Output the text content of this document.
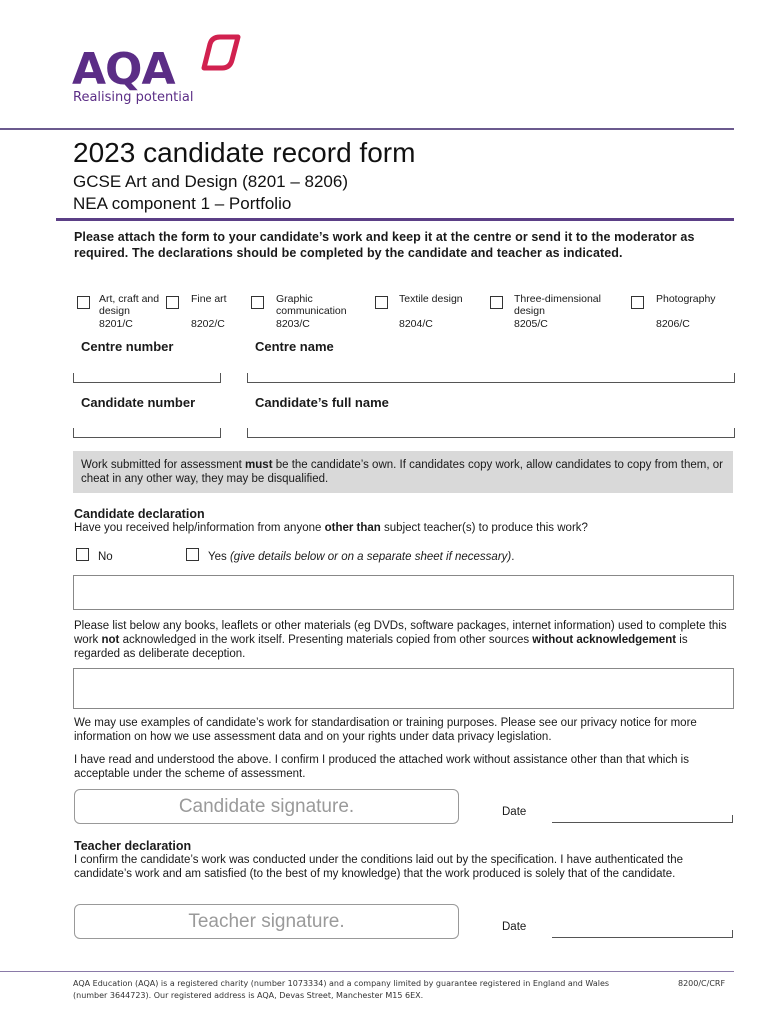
AQA
Realising potential
2023 candidate record form
GCSE Art and Design (8201 – 8206)
NEA component 1 – Portfolio
Please attach the form to your candidate’s work and keep it at the centre or send it to the moderator as required. The declarations should be completed by the candidate and teacher as indicated.
Art, craft and design
8201/C
Fine art
8202/C
Graphic communication
8203/C
Textile design
8204/C
Three-dimensional design
8205/C
Photography
8206/C
Centre number	Centre name
Candidate number	Candidate’s full name
Work submitted for assessment must be the candidate’s own. If candidates copy work, allow candidates to copy from them, or cheat in any other way, they may be disqualified.
Candidate declaration
Have you received help/information from anyone other than subject teacher(s) to produce this work?
No	Yes (give details below or on a separate sheet if necessary).
Please list below any books, leaflets or other materials (eg DVDs, software packages, internet information) used to complete this work not acknowledged in the work itself. Presenting materials copied from other sources without acknowledgement is regarded as deliberate deception.
We may use examples of candidate’s work for standardisation or training purposes. Please see our privacy notice for more information on how we use assessment data and on your rights under data privacy legislation.
I have read and understood the above. I confirm I produced the attached work without assistance other than that which is acceptable under the scheme of assessment.
Candidate signature.	Date
Teacher declaration
I confirm the candidate’s work was conducted under the conditions laid out by the specification. I have authenticated the candidate’s work and am satisfied (to the best of my knowledge) that the work produced is solely that of the candidate.
Teacher signature.	Date
AQA Education (AQA) is a registered charity (number 1073334) and a company limited by guarantee registered in England and Wales (number 3644723). Our registered address is AQA, Devas Street, Manchester M15 6EX.
8200/C/CRF
